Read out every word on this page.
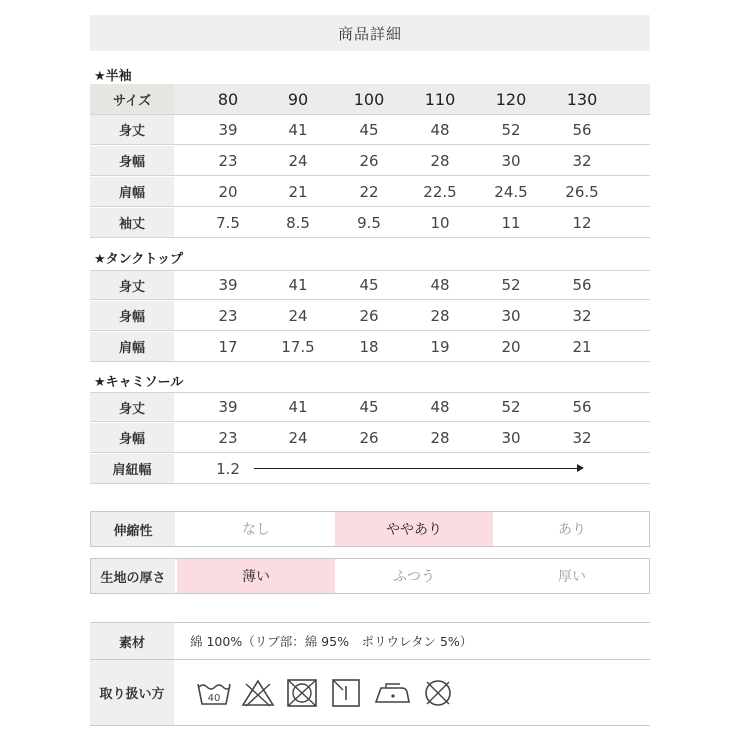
商品詳細
★半袖
サイズ	80	90	100	110	120	130
身丈	39	41	45	48	52	56
身幅	23	24	26	28	30	32
肩幅	20	21	22	22.5	24.5	26.5
袖丈	7.5	8.5	9.5	10	11	12
★タンクトップ
身丈	39	41	45	48	52	56
身幅	23	24	26	28	30	32
肩幅	17	17.5	18	19	20	21
★キャミソール
身丈	39	41	45	48	52	56
身幅	23	24	26	28	30	32
肩紐幅	1.2
伸縮性	なし	ややあり	あり
生地の厚さ	薄い	ふつう	厚い
素材	綿 100%（リブ部：綿 95%　ポリウレタン 5%）
取り扱い方	40
